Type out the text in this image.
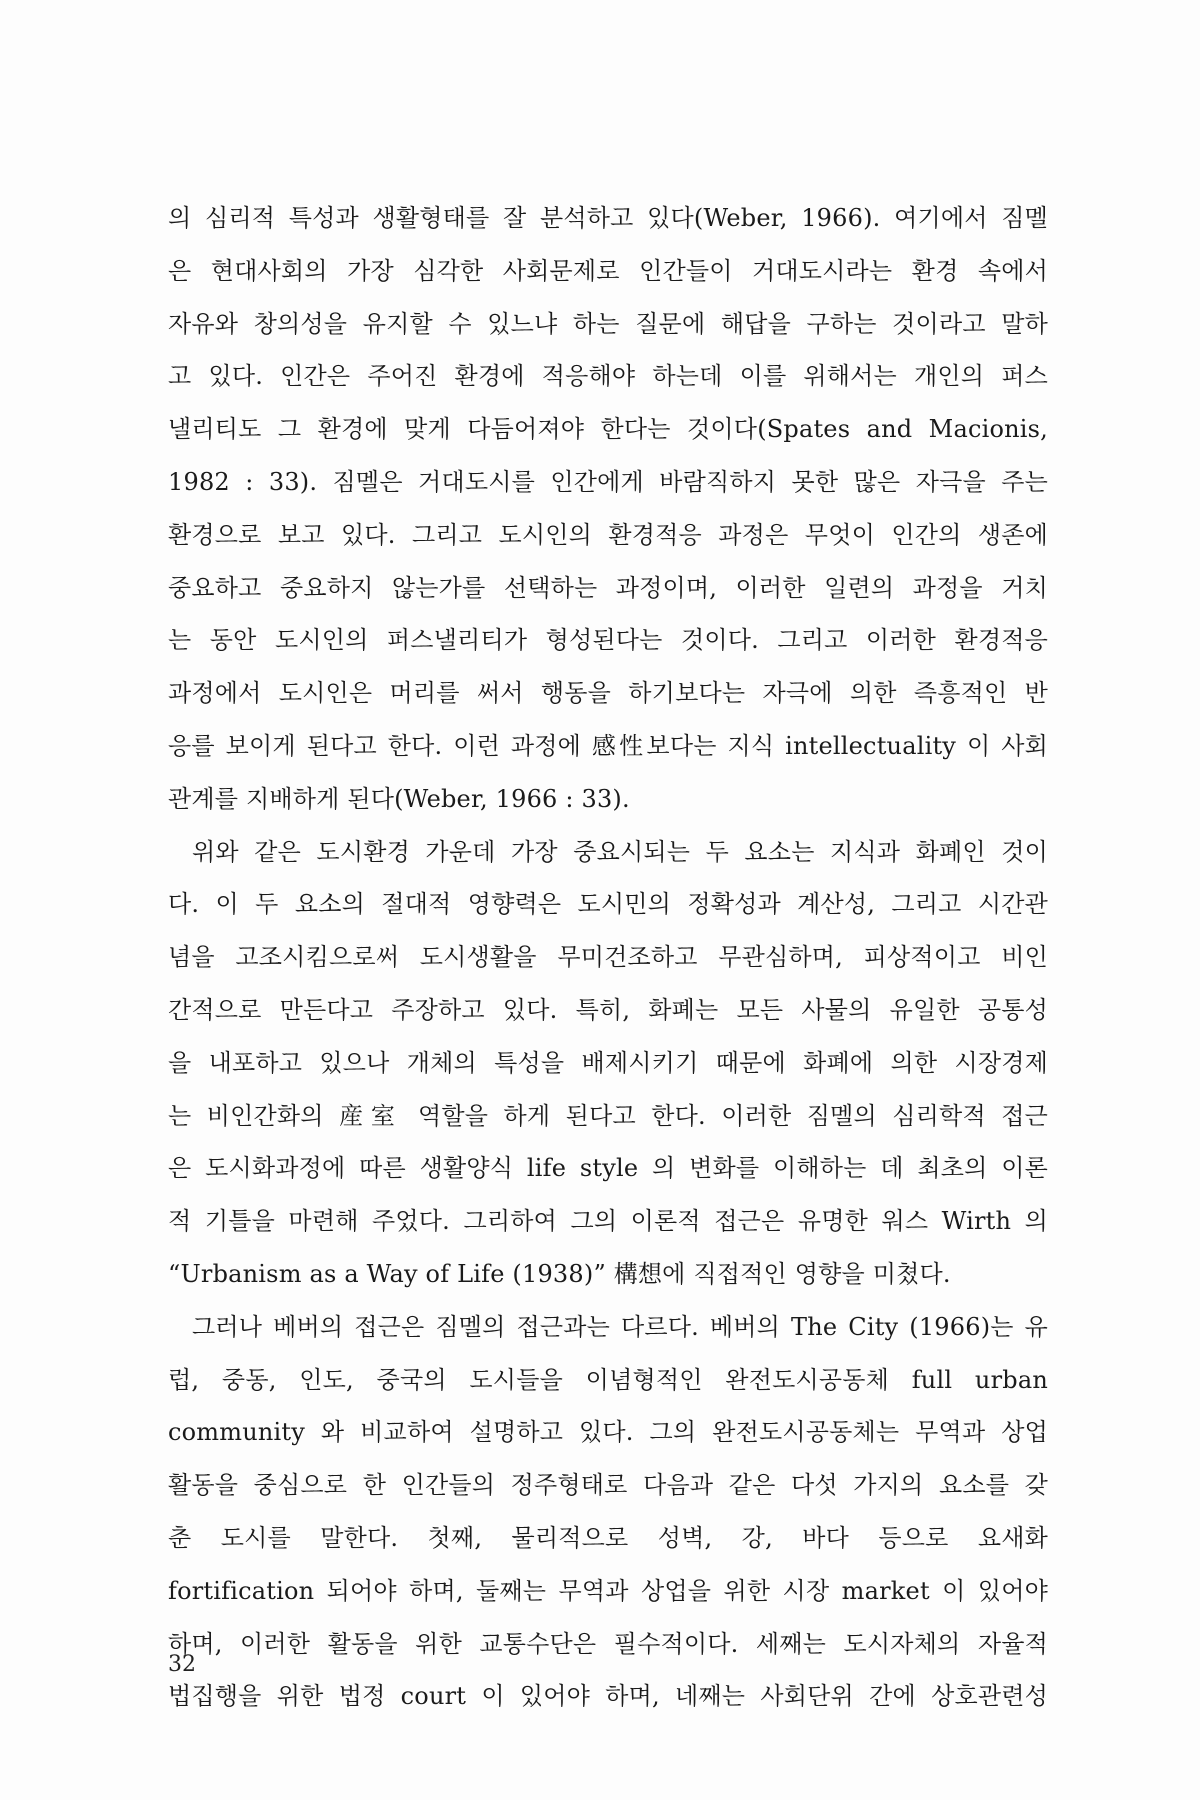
의 심리적 특성과 생활형태를 잘 분석하고 있다(Weber, 1966). 여기에서 짐멜
은 현대사회의 가장 심각한 사회문제로 인간들이 거대도시라는 환경 속에서
자유와 창의성을 유지할 수 있느냐 하는 질문에 해답을 구하는 것이라고 말하
고 있다. 인간은 주어진 환경에 적응해야 하는데 이를 위해서는 개인의 퍼스
낼리티도 그 환경에 맞게 다듬어져야 한다는 것이다(Spates and Macionis,
1982 : 33). 짐멜은 거대도시를 인간에게 바람직하지 못한 많은 자극을 주는
환경으로 보고 있다. 그리고 도시인의 환경적응 과정은 무엇이 인간의 생존에
중요하고 중요하지 않는가를 선택하는 과정이며, 이러한 일련의 과정을 거치
는 동안 도시인의 퍼스낼리티가 형성된다는 것이다. 그리고 이러한 환경적응
과정에서 도시인은 머리를 써서 행동을 하기보다는 자극에 의한 즉흥적인 반
응를 보이게 된다고 한다. 이런 과정에 感性보다는 지식 intellectuality 이 사회
관계를 지배하게 된다(Weber, 1966 : 33).
위와 같은 도시환경 가운데 가장 중요시되는 두 요소는 지식과 화폐인 것이
다. 이 두 요소의 절대적 영향력은 도시민의 정확성과 계산성, 그리고 시간관
념을 고조시킴으로써 도시생활을 무미건조하고 무관심하며, 피상적이고 비인
간적으로 만든다고 주장하고 있다. 특히, 화폐는 모든 사물의 유일한 공통성
을 내포하고 있으나 개체의 특성을 배제시키기 때문에 화폐에 의한 시장경제
는 비인간화의 産室 역할을 하게 된다고 한다. 이러한 짐멜의 심리학적 접근
은 도시화과정에 따른 생활양식 life style 의 변화를 이해하는 데 최초의 이론
적 기틀을 마련해 주었다. 그리하여 그의 이론적 접근은 유명한 워스 Wirth 의
“Urbanism as a Way of Life (1938)” 構想에 직접적인 영향을 미쳤다.
그러나 베버의 접근은 짐멜의 접근과는 다르다. 베버의 The City (1966)는 유
럽, 중동, 인도, 중국의 도시들을 이념형적인 완전도시공동체 full urban
community 와 비교하여 설명하고 있다. 그의 완전도시공동체는 무역과 상업
활동을 중심으로 한 인간들의 정주형태로 다음과 같은 다섯 가지의 요소를 갖
춘 도시를 말한다. 첫째, 물리적으로 성벽, 강, 바다 등으로 요새화
fortification 되어야 하며, 둘째는 무역과 상업을 위한 시장 market 이 있어야
하며, 이러한 활동을 위한 교통수단은 필수적이다. 세째는 도시자체의 자율적
법집행을 위한 법정 court 이 있어야 하며, 네째는 사회단위 간에 상호관련성
32
